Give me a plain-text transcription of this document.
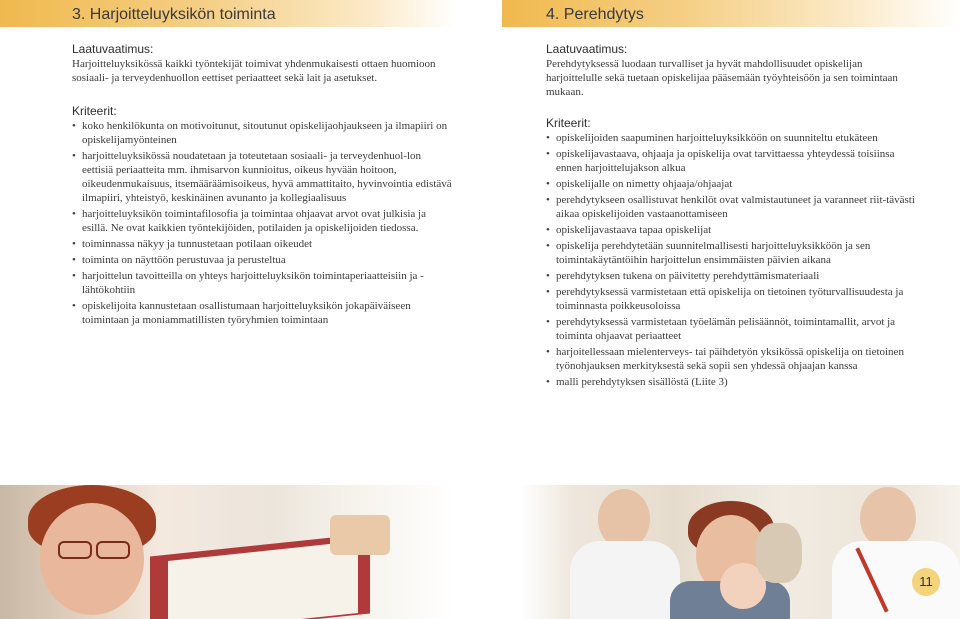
3. Harjoitteluyksikön toiminta
Laatuvaatimus:

Harjoitteluyksikössä kaikki työntekijät toimivat yhdenmukaisesti ottaen huomioon sosiaali- ja terveydenhuollon eettiset periaatteet sekä lait ja asetukset.

Kriteerit:
• koko henkilökunta on motivoitunut, sitoutunut opiskelijaohjaukseen ja ilmapiiri on opiskelijamyönteinen
• harjoitteluyksikössä noudatetaan ja toteutetaan sosiaali- ja terveydenhuol-lon eettisiä periaatteita mm. ihmisarvon kunnioitus, oikeus hyvään hoitoon, oikeudenmukaisuus, itsemääräämisoikeus, hyvä ammattitaito, hyvinvointia edistävä ilmapiiri, yhteistyö, keskinäinen avunanto ja kollegiaalisuus
• harjoitteluyksikön toimintafilosofia ja toimintaa ohjaavat arvot ovat julkisia ja esillä. Ne ovat kaikkien työntekijöiden, potilaiden ja opiskelijoiden tiedossa.
• toiminnassa näkyy ja tunnustetaan potilaan oikeudet
• toiminta on näyttöön perustuvaa ja perusteltua
• harjoittelun tavoitteilla on yhteys harjoitteluyksikön toimintaperiaatteisiin ja - lähtökohtiin
• opiskelijoita kannustetaan osallistumaan harjoitteluyksikön jokapäiväiseen toimintaan ja moniammatillisten työryhmien toimintaan
4. Perehdytys
Laatuvaatimus:

Perehdytyksessä luodaan turvalliset ja hyvät mahdollisuudet opiskelijan harjoittelulle sekä tuetaan opiskelijaa pääsemään työyhteisöön ja sen toimintaan mukaan.

Kriteerit:
• opiskelijoiden saapuminen harjoitteluyksikköön on suunniteltu etukäteen
• opiskelijavastaava, ohjaaja ja opiskelija ovat tarvittaessa yhteydessä toisiinsa ennen harjoittelujakson alkua
• opiskelijalle on nimetty ohjaaja/ohjaajat
• perehdytykseen osallistuvat henkilöt ovat valmistautuneet ja varanneet riit-tävästi aikaa opiskelijoiden vastaanottamiseen
• opiskelijavastaava tapaa opiskelijat
• opiskelija perehdytetään suunnitelmallisesti harjoitteluyksikköön ja sen toimintakäytäntöihin harjoittelun ensimmäisten päivien aikana
• perehdytyksen tukena on päivitetty perehdyttämismateriaali
• perehdytyksessä varmistetaan että opiskelija on tietoinen työturvallisuudesta ja toiminnasta poikkeusoloissa
• perehdytyksessä varmistetaan työelämän pelisäännöt, toimintamallit, arvot ja toiminta ohjaavat periaatteet
• harjoitellessaan mielenterveys- tai päihdetyön yksikössä opiskelija on tietoinen työnohjauksen merkityksestä sekä sopii sen yhdessä ohjaajan kanssa
• malli perehdytyksen sisällöstä (Liite 3)
11
